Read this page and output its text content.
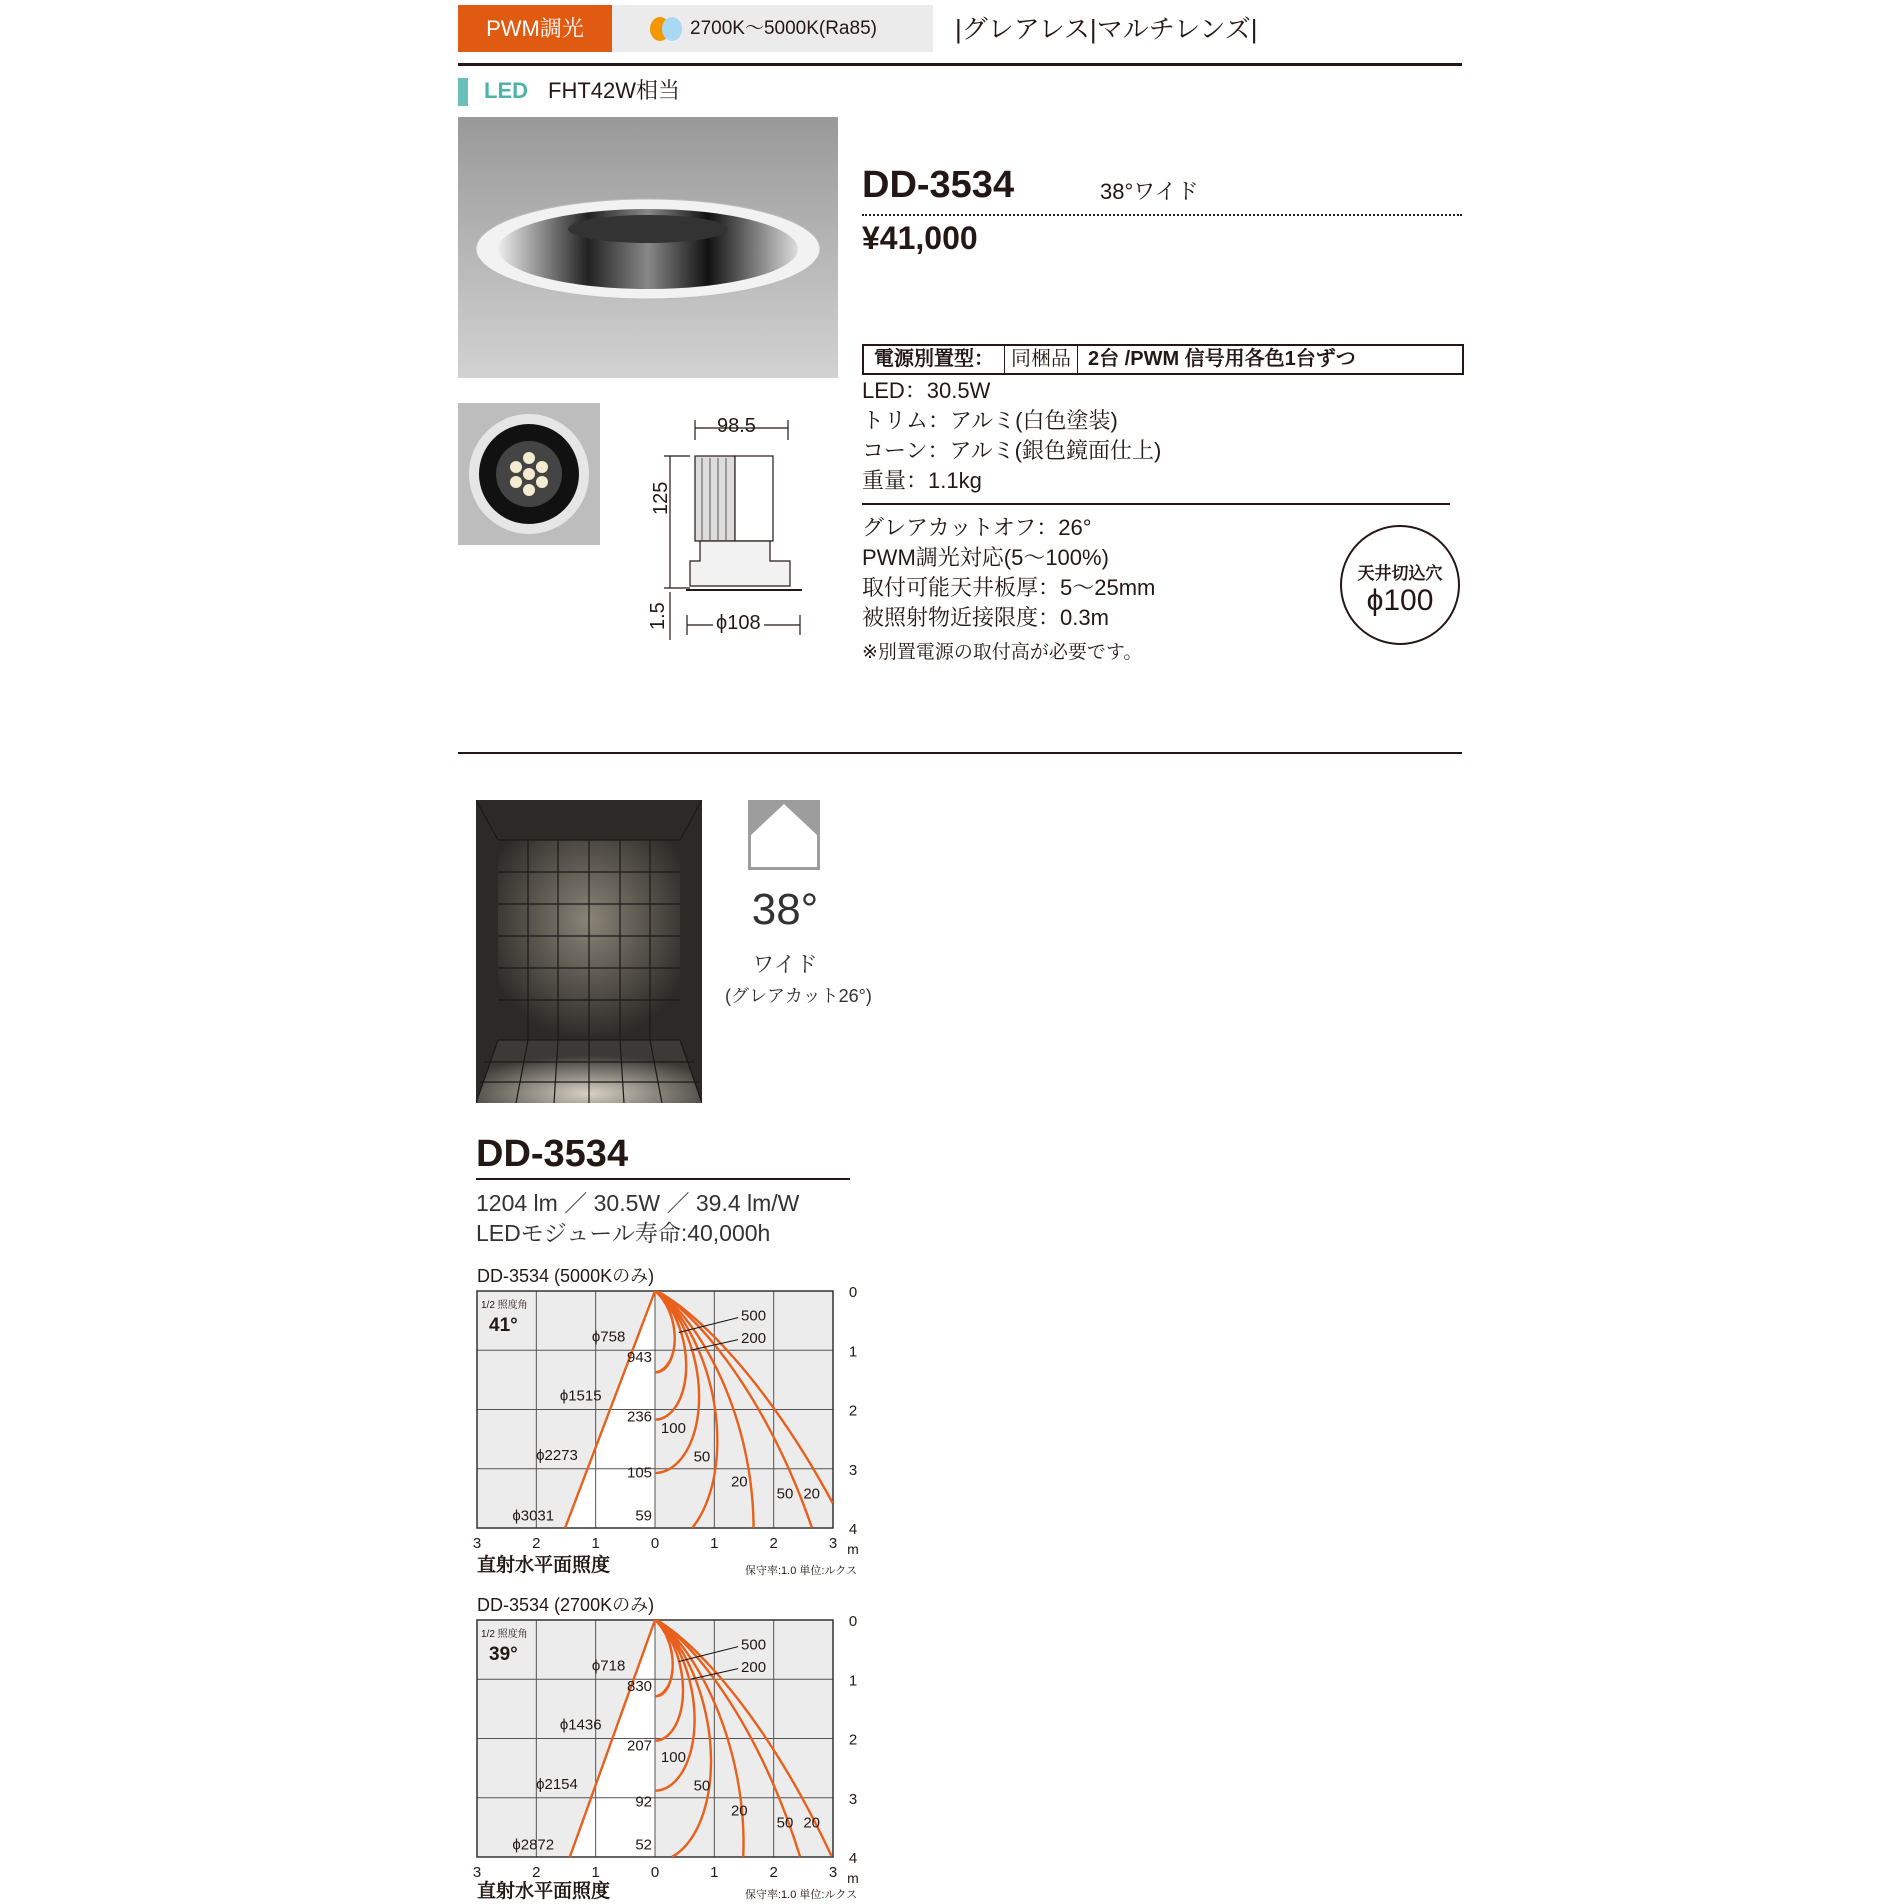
PWM調光	2700K〜5000K(Ra85)	|グレアレス|マルチレンズ|
LED FHT42W相当
98.5
125
1.5 ϕ108
DD-3534	38°ワイド
¥41,000
電源別置型： 同梱品 2台 /PWM 信号用各色1台ずつ
LED：30.5W
トリム：アルミ(白色塗装)
コーン：アルミ(銀色鏡面仕上)
重量：1.1kg
グレアカットオフ：26°
PWM調光対応(5〜100%)
取付可能天井板厚：5〜25mm
被照射物近接限度：0.3m
※別置電源の取付高が必要です。
天井切込穴
ϕ100
38°
ワイド
(グレアカット26°)
DD-3534
1204 lm ／ 30.5W ／ 39.4 lm/W
LEDモジュール寿命:40,000h
DD-3534 (5000Kのみ)
1/2 照度角
41°
ϕ758
ϕ1515
ϕ2273
ϕ3031
943
236
105
59
500
200
100
50
20
50 20
3	2	1	0	1	2	3
0
1
2
3
4
m
直射水平面照度	保守率:1.0 単位:ルクス
DD-3534 (2700Kのみ)
1/2 照度角
39°
ϕ718
ϕ1436
ϕ2154
ϕ2872
830
207
92
52
500
200
100
50
20
50 20
3	2	1	0	1	2	3
0
1
2
3
4
m
直射水平面照度	保守率:1.0 単位:ルクス
